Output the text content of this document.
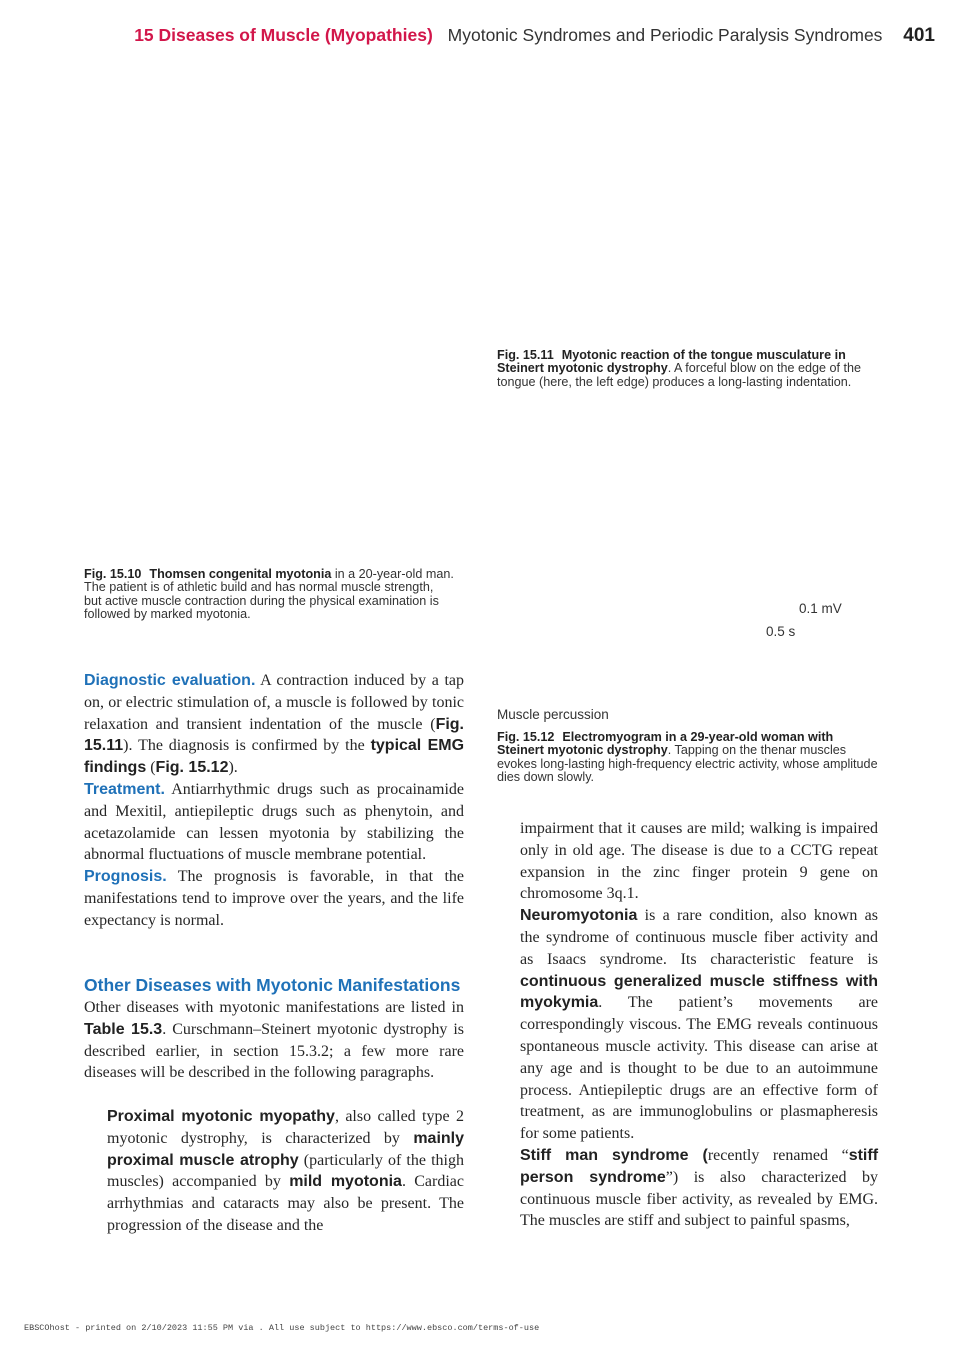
15 Diseases of Muscle (Myopathies) Myotonic Syndromes and Periodic Paralysis Syndromes 401
Fig. 15.11 Myotonic reaction of the tongue musculature in Steinert myotonic dystrophy. A forceful blow on the edge of the tongue (here, the left edge) produces a long-lasting indentation.
Fig. 15.10 Thomsen congenital myotonia in a 20-year-old man. The patient is of athletic build and has normal muscle strength, but active muscle contraction during the physical examination is followed by marked myotonia.	0.1 mV
0.5 s
Muscle percussion
Fig. 15.12 Electromyogram in a 29-year-old woman with Steinert myotonic dystrophy. Tapping on the thenar muscles evokes long-lasting high-frequency electric activity, whose amplitude dies down slowly.

Diagnostic evaluation. A contraction induced by a tap on, or electric stimulation of, a muscle is followed by tonic relaxation and transient indentation of the muscle (Fig. 15.11). The diagnosis is confirmed by the typical EMG findings (Fig. 15.12).

Treatment. Antiarrhythmic drugs such as procainamide and Mexitil, antiepileptic drugs such as phenytoin, and acetazolamide can lessen myotonia by stabilizing the abnormal fluctuations of muscle membrane potential.

Prognosis. The prognosis is favorable, in that the manifestations tend to improve over the years, and the life expectancy is normal.

Other Diseases with Myotonic Manifestations

Other diseases with myotonic manifestations are listed in Table 15.3. Curschmann–Steinert myotonic dystrophy is described earlier, in section 15.3.2; a few more rare diseases will be described in the following paragraphs.

Proximal myotonic myopathy, also called type 2 myotonic dystrophy, is characterized by mainly proximal muscle atrophy (particularly of the thigh muscles) accompanied by mild myotonia. Cardiac arrhythmias and cataracts may also be present. The progression of the disease and the

impairment that it causes are mild; walking is impaired only in old age. The disease is due to a CCTG repeat expansion in the zinc finger protein 9 gene on chromosome 3q.1.

Neuromyotonia is a rare condition, also known as the syndrome of continuous muscle fiber activity and as Isaacs syndrome. Its characteristic feature is continuous generalized muscle stiffness with myokymia. The patient’s movements are correspondingly viscous. The EMG reveals continuous spontaneous muscle activity. This disease can arise at any age and is thought to be due to an autoimmune process. Antiepileptic drugs are an effective form of treatment, as are immunoglobulins or plasmapheresis for some patients.

Stiff man syndrome (recently renamed “stiff person syndrome”) is also characterized by continuous muscle fiber activity, as revealed by EMG. The muscles are stiff and subject to painful spasms,

EBSCOhost - printed on 2/10/2023 11:55 PM via . All use subject to https://www.ebsco.com/terms-of-use
